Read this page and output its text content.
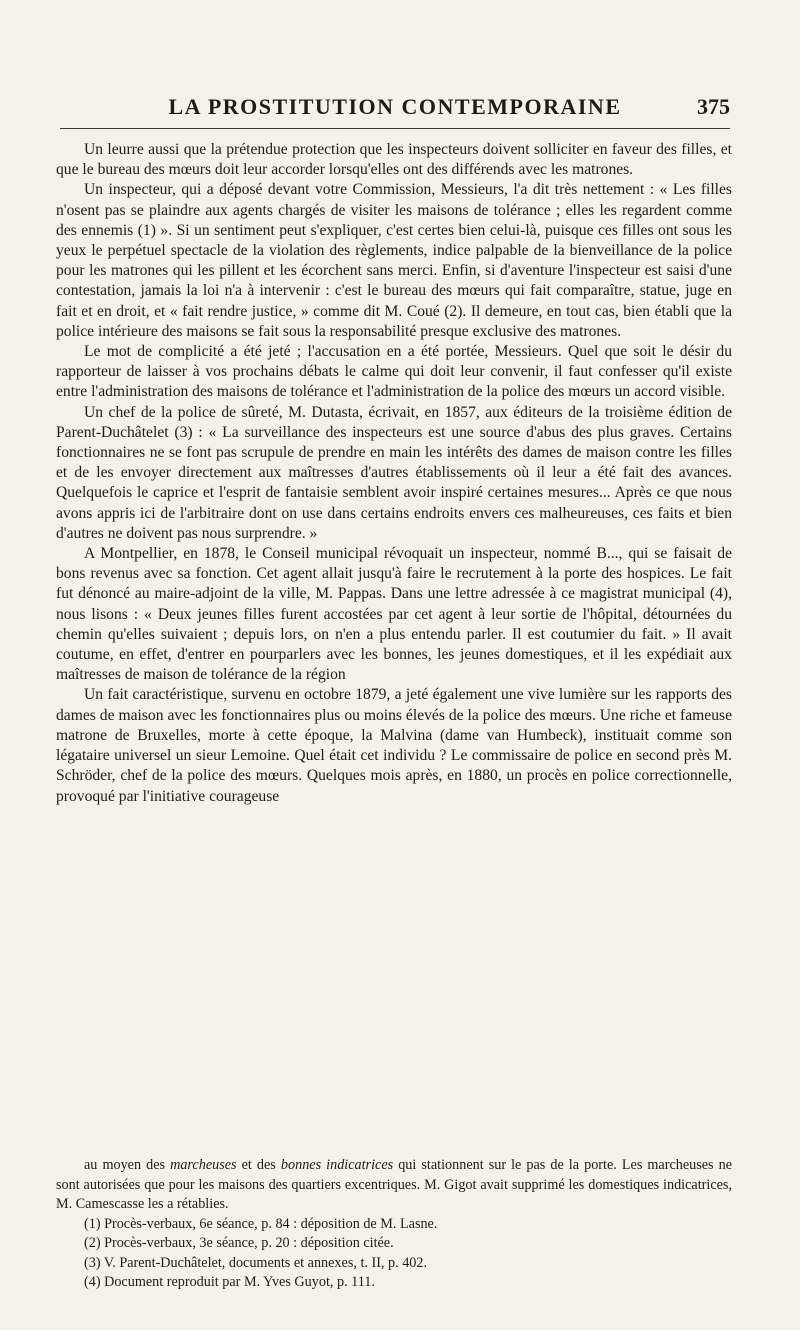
LA PROSTITUTION CONTEMPORAINE	375

Un leurre aussi que la prétendue protection que les inspecteurs doivent solliciter en faveur des filles, et que le bureau des mœurs doit leur accorder lorsqu'elles ont des différends avec les matrones.

Un inspecteur, qui a déposé devant votre Commission, Messieurs, l'a dit très nettement : « Les filles n'osent pas se plaindre aux agents chargés de visiter les maisons de tolérance ; elles les regardent comme des ennemis (1) ». Si un sentiment peut s'expliquer, c'est certes bien celui-là, puisque ces filles ont sous les yeux le perpétuel spectacle de la violation des règlements, indice palpable de la bienveillance de la police pour les matrones qui les pillent et les écorchent sans merci. Enfin, si d'aventure l'inspecteur est saisi d'une contestation, jamais la loi n'a à intervenir : c'est le bureau des mœurs qui fait comparaître, statue, juge en fait et en droit, et « fait rendre justice, » comme dit M. Coué (2). Il demeure, en tout cas, bien établi que la police intérieure des maisons se fait sous la responsabilité presque exclusive des matrones.

Le mot de complicité a été jeté ; l'accusation en a été portée, Messieurs. Quel que soit le désir du rapporteur de laisser à vos prochains débats le calme qui doit leur convenir, il faut confesser qu'il existe entre l'administration des maisons de tolérance et l'administration de la police des mœurs un accord visible.

Un chef de la police de sûreté, M. Dutasta, écrivait, en 1857, aux éditeurs de la troisième édition de Parent-Duchâtelet (3) : « La surveillance des inspecteurs est une source d'abus des plus graves. Certains fonctionnaires ne se font pas scrupule de prendre en main les intérêts des dames de maison contre les filles et de les envoyer directement aux maîtresses d'autres établissements où il leur a été fait des avances. Quelquefois le caprice et l'esprit de fantaisie semblent avoir inspiré certaines mesures... Après ce que nous avons appris ici de l'arbitraire dont on use dans certains endroits envers ces malheureuses, ces faits et bien d'autres ne doivent pas nous surprendre. »

A Montpellier, en 1878, le Conseil municipal révoquait un inspecteur, nommé B..., qui se faisait de bons revenus avec sa fonction. Cet agent allait jusqu'à faire le recrutement à la porte des hospices. Le fait fut dénoncé au maire-adjoint de la ville, M. Pappas. Dans une lettre adressée à ce magistrat municipal (4), nous lisons : « Deux jeunes filles furent accostées par cet agent à leur sortie de l'hôpital, détournées du chemin qu'elles suivaient ; depuis lors, on n'en a plus entendu parler. Il est coutumier du fait. » Il avait coutume, en effet, d'entrer en pourparlers avec les bonnes, les jeunes domestiques, et il les expédiait aux maîtresses de maison de tolérance de la région

Un fait caractéristique, survenu en octobre 1879, a jeté également une vive lumière sur les rapports des dames de maison avec les fonctionnaires plus ou moins élevés de la police des mœurs. Une riche et fameuse matrone de Bruxelles, morte à cette époque, la Malvina (dame van Humbeck), instituait comme son légataire universel un sieur Lemoine. Quel était cet individu ? Le commissaire de police en second près M. Schröder, chef de la police des mœurs. Quelques mois après, en 1880, un procès en police correctionnelle, provoqué par l'initiative courageuse

au moyen des marcheuses et des bonnes indicatrices qui stationnent sur le pas de la porte. Les marcheuses ne sont autorisées que pour les maisons des quartiers excentriques. M. Gigot avait supprimé les domestiques indicatrices, M. Camescasse les a rétablies.

(1) Procès-verbaux, 6e séance, p. 84 : déposition de M. Lasne.

(2) Procès-verbaux, 3e séance, p. 20 : déposition citée.

(3) V. Parent-Duchâtelet, documents et annexes, t. II, p. 402.

(4) Document reproduit par M. Yves Guyot, p. 111.
